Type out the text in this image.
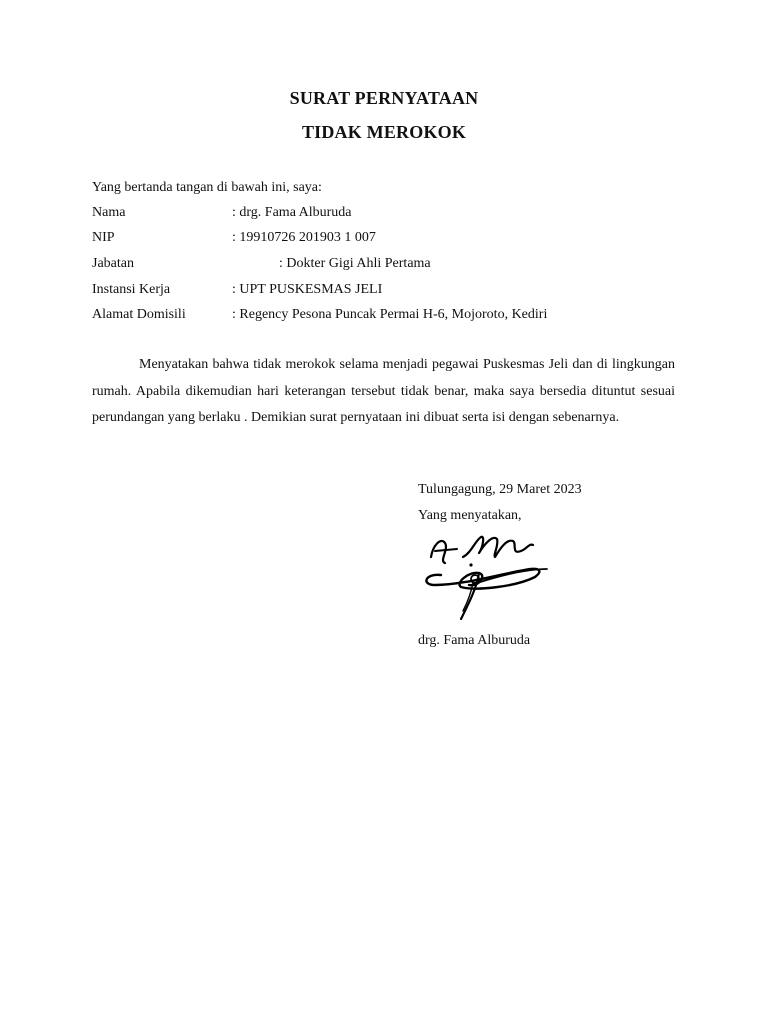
SURAT PERNYATAAN
TIDAK MEROKOK
Yang bertanda tangan di bawah ini, saya:
Nama	: drg. Fama Alburuda
NIP	: 19910726 201903 1 007
Jabatan	: Dokter Gigi Ahli Pertama
Instansi Kerja	: UPT PUSKESMAS JELI
Alamat Domisili	: Regency Pesona Puncak Permai H-6, Mojoroto, Kediri

Menyatakan bahwa tidak merokok selama menjadi pegawai Puskesmas Jeli dan di lingkungan rumah. Apabila dikemudian hari keterangan tersebut tidak benar, maka saya bersedia dituntut sesuai perundangan yang berlaku . Demikian surat pernyataan ini dibuat serta isi dengan sebenarnya.

Tulungagung, 29 Maret 2023
Yang menyatakan,
drg. Fama Alburuda
